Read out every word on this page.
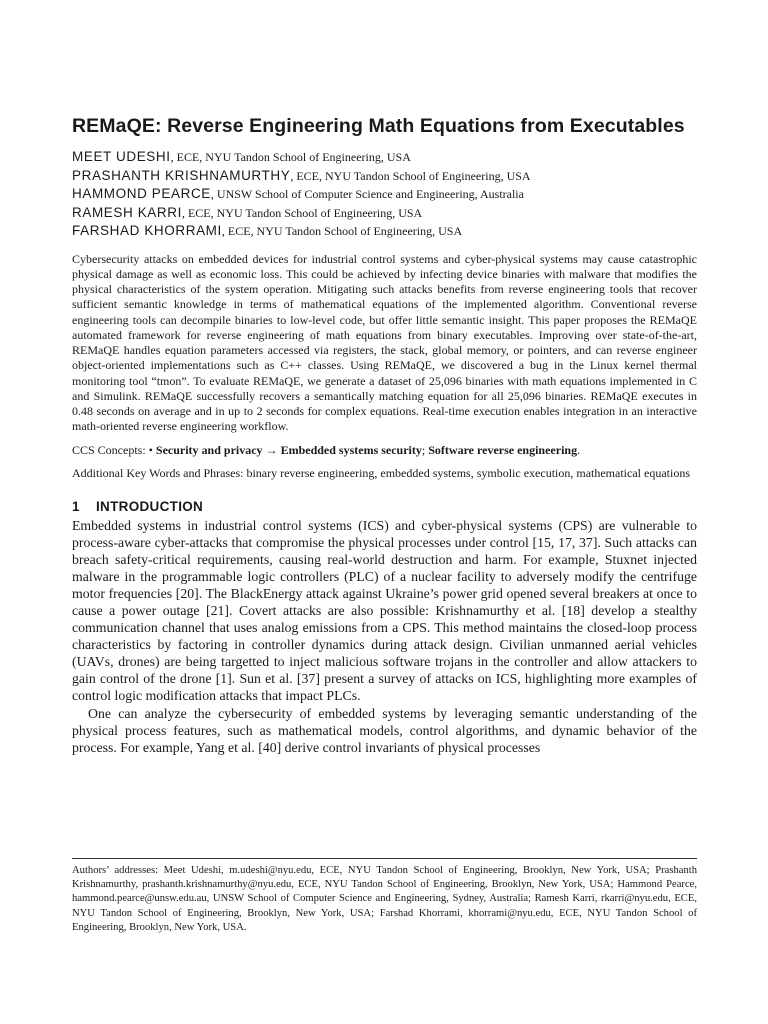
REMaQE: Reverse Engineering Math Equations from Executables
MEET UDESHI, ECE, NYU Tandon School of Engineering, USA
PRASHANTH KRISHNAMURTHY, ECE, NYU Tandon School of Engineering, USA
HAMMOND PEARCE, UNSW School of Computer Science and Engineering, Australia
RAMESH KARRI, ECE, NYU Tandon School of Engineering, USA
FARSHAD KHORRAMI, ECE, NYU Tandon School of Engineering, USA

Cybersecurity attacks on embedded devices for industrial control systems and cyber-physical systems may cause catastrophic physical damage as well as economic loss. This could be achieved by infecting device binaries with malware that modifies the physical characteristics of the system operation. Mitigating such attacks benefits from reverse engineering tools that recover sufficient semantic knowledge in terms of mathematical equations of the implemented algorithm. Conventional reverse engineering tools can decompile binaries to low-level code, but offer little semantic insight. This paper proposes the REMaQE automated framework for reverse engineering of math equations from binary executables. Improving over state-of-the-art, REMaQE handles equation parameters accessed via registers, the stack, global memory, or pointers, and can reverse engineer object-oriented implementations such as C++ classes. Using REMaQE, we discovered a bug in the Linux kernel thermal monitoring tool “tmon”. To evaluate REMaQE, we generate a dataset of 25,096 binaries with math equations implemented in C and Simulink. REMaQE successfully recovers a semantically matching equation for all 25,096 binaries. REMaQE executes in 0.48 seconds on average and in up to 2 seconds for complex equations. Real-time execution enables integration in an interactive math-oriented reverse engineering workflow.

CCS Concepts: • Security and privacy → Embedded systems security; Software reverse engineering.

Additional Key Words and Phrases: binary reverse engineering, embedded systems, symbolic execution, mathematical equations

1 INTRODUCTION

Embedded systems in industrial control systems (ICS) and cyber-physical systems (CPS) are vulnerable to process-aware cyber-attacks that compromise the physical processes under control [15, 17, 37]. Such attacks can breach safety-critical requirements, causing real-world destruction and harm. For example, Stuxnet injected malware in the programmable logic controllers (PLC) of a nuclear facility to adversely modify the centrifuge motor frequencies [20]. The BlackEnergy attack against Ukraine’s power grid opened several breakers at once to cause a power outage [21]. Covert attacks are also possible: Krishnamurthy et al. [18] develop a stealthy communication channel that uses analog emissions from a CPS. This method maintains the closed-loop process characteristics by factoring in controller dynamics during attack design. Civilian unmanned aerial vehicles (UAVs, drones) are being targetted to inject malicious software trojans in the controller and allow attackers to gain control of the drone [1]. Sun et al. [37] present a survey of attacks on ICS, highlighting more examples of control logic modification attacks that impact PLCs.

One can analyze the cybersecurity of embedded systems by leveraging semantic understanding of the physical process features, such as mathematical models, control algorithms, and dynamic behavior of the process. For example, Yang et al. [40] derive control invariants of physical processes

Authors’ addresses: Meet Udeshi, m.udeshi@nyu.edu, ECE, NYU Tandon School of Engineering, Brooklyn, New York, USA; Prashanth Krishnamurthy, prashanth.krishnamurthy@nyu.edu, ECE, NYU Tandon School of Engineering, Brooklyn, New York, USA; Hammond Pearce, hammond.pearce@unsw.edu.au, UNSW School of Computer Science and Engineering, Sydney, Australia; Ramesh Karri, rkarri@nyu.edu, ECE, NYU Tandon School of Engineering, Brooklyn, New York, USA; Farshad Khorrami, khorrami@nyu.edu, ECE, NYU Tandon School of Engineering, Brooklyn, New York, USA.
